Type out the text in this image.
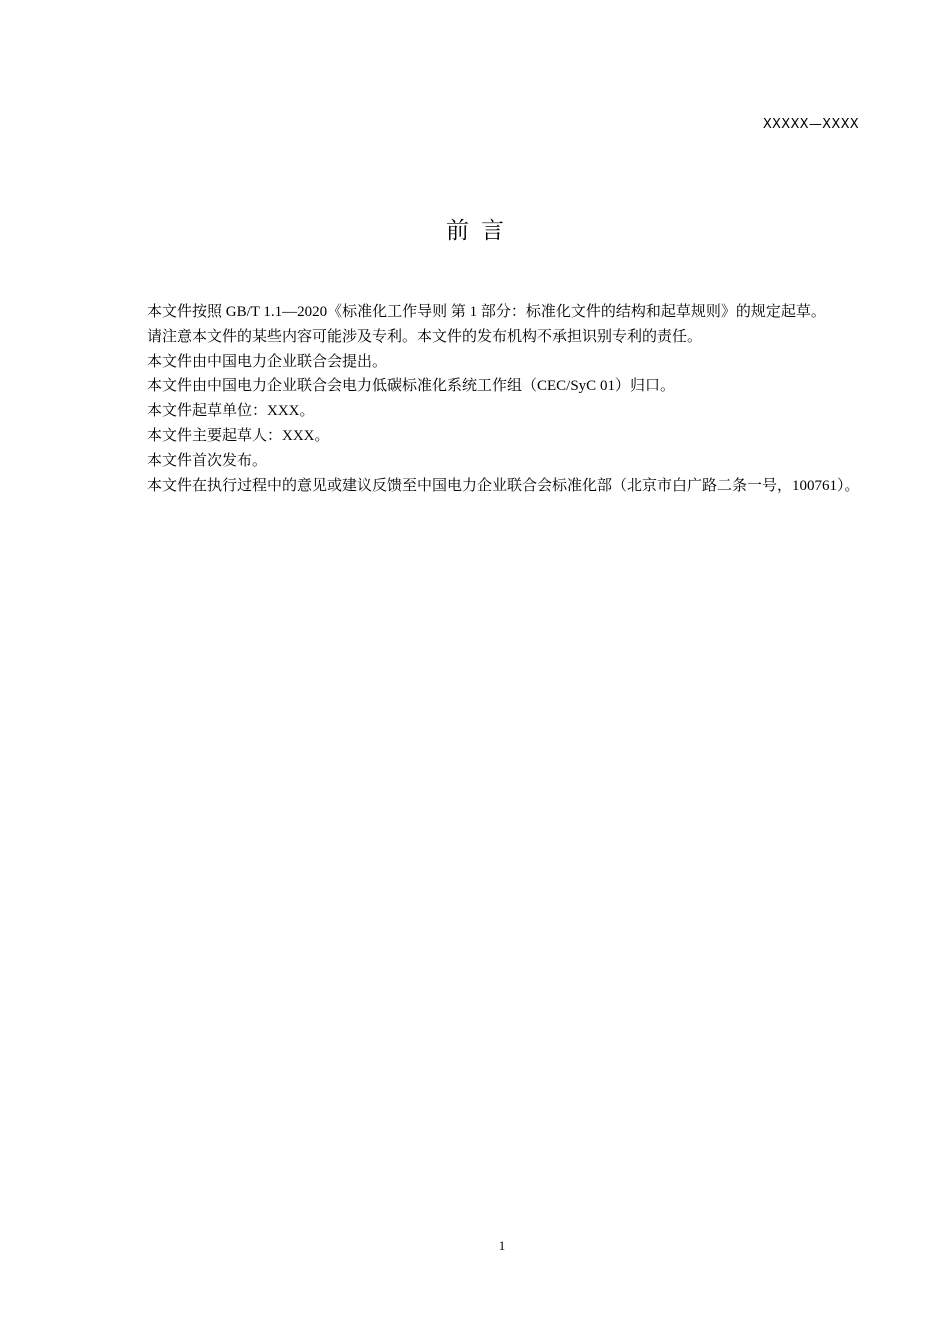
XXXXX—XXXX
前言

本文件按照 GB/T 1.1—2020《标准化工作导则 第 1 部分：标准化文件的结构和起草规则》的规定起草。

请注意本文件的某些内容可能涉及专利。本文件的发布机构不承担识别专利的责任。

本文件由中国电力企业联合会提出。

本文件由中国电力企业联合会电力低碳标准化系统工作组（CEC/SyC 01）归口。

本文件起草单位：XXX。

本文件主要起草人：XXX。

本文件首次发布。

本文件在执行过程中的意见或建议反馈至中国电力企业联合会标准化部（北京市白广路二条一号，100761）。

1
